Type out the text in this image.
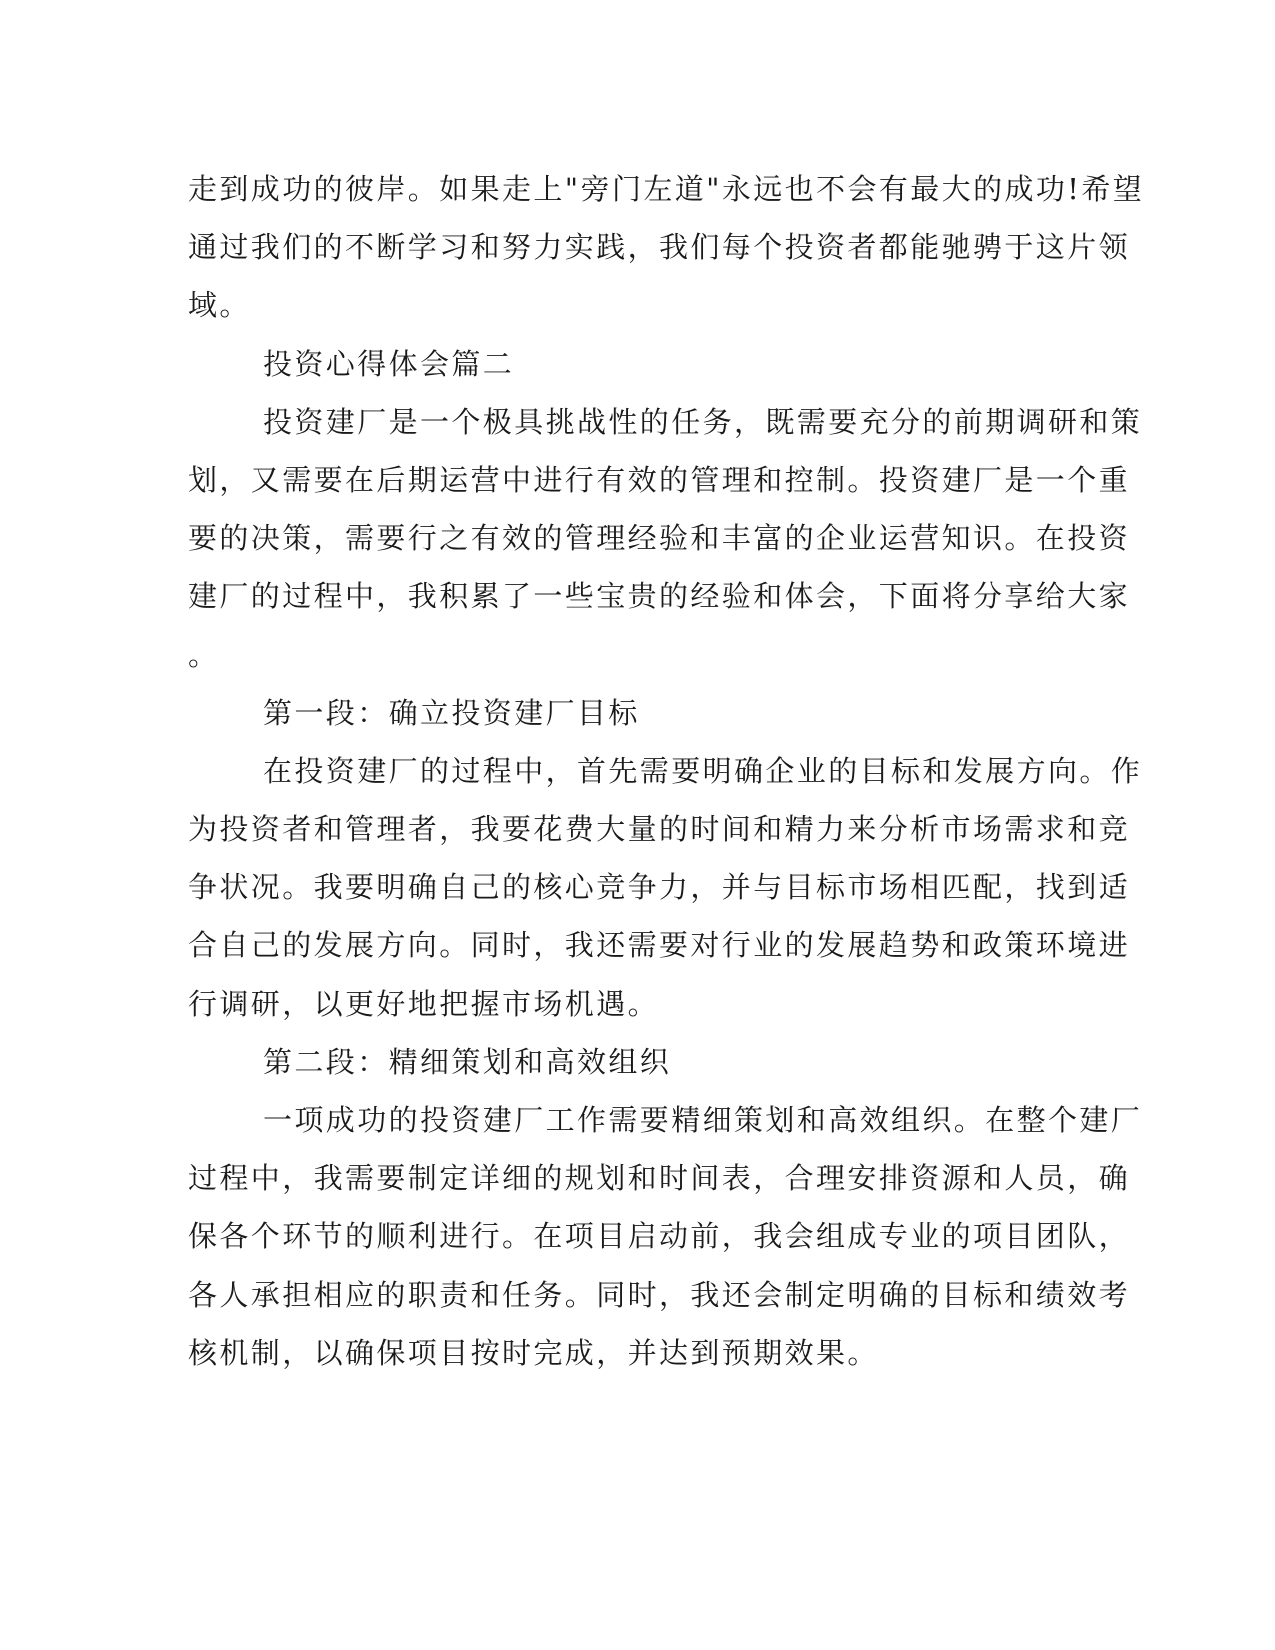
走到成功的彼岸。如果走上"旁门左道"永远也不会有最大的成功!希望
通过我们的不断学习和努力实践，我们每个投资者都能驰骋于这片领
域。
投资心得体会篇二
投资建厂是一个极具挑战性的任务，既需要充分的前期调研和策
划，又需要在后期运营中进行有效的管理和控制。投资建厂是一个重
要的决策，需要行之有效的管理经验和丰富的企业运营知识。在投资
建厂的过程中，我积累了一些宝贵的经验和体会，下面将分享给大家
。
第一段：确立投资建厂目标
在投资建厂的过程中，首先需要明确企业的目标和发展方向。作
为投资者和管理者，我要花费大量的时间和精力来分析市场需求和竞
争状况。我要明确自己的核心竞争力，并与目标市场相匹配，找到适
合自己的发展方向。同时，我还需要对行业的发展趋势和政策环境进
行调研，以更好地把握市场机遇。
第二段：精细策划和高效组织
一项成功的投资建厂工作需要精细策划和高效组织。在整个建厂
过程中，我需要制定详细的规划和时间表，合理安排资源和人员，确
保各个环节的顺利进行。在项目启动前，我会组成专业的项目团队，
各人承担相应的职责和任务。同时，我还会制定明确的目标和绩效考
核机制，以确保项目按时完成，并达到预期效果。
